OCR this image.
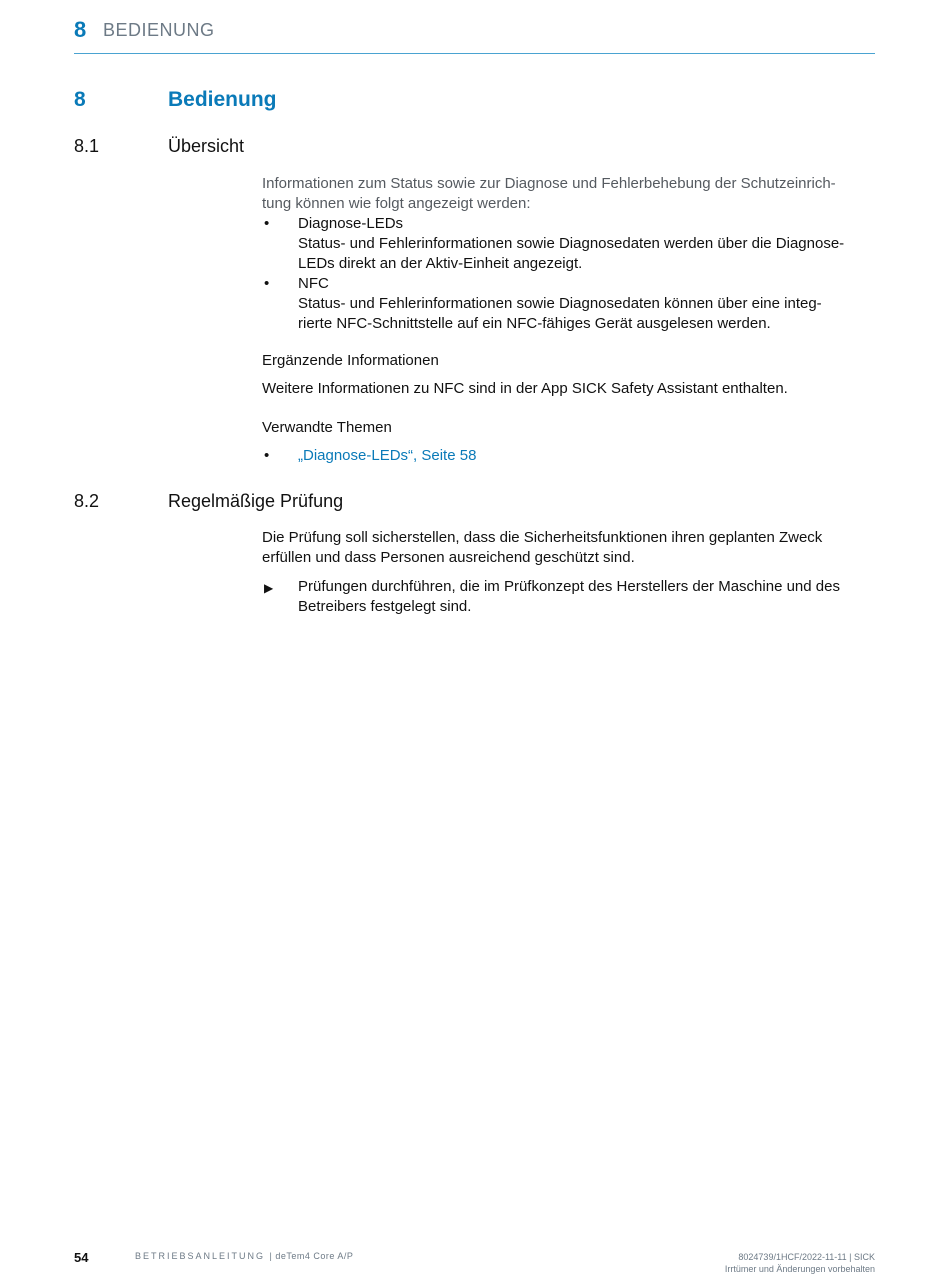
8 BEDIENUNG
8	Bedienung
8.1	Übersicht

Informationen zum Status sowie zur Diagnose und Fehlerbehebung der Schutzeinrich-
tung können wie folgt angezeigt werden:

•	Diagnose-LEDs
Status- und Fehlerinformationen sowie Diagnosedaten werden über die Diagnose-
LEDs direkt an der Aktiv-Einheit angezeigt.
•	NFC
Status- und Fehlerinformationen sowie Diagnosedaten können über eine integ-
rierte NFC-Schnittstelle auf ein NFC-fähiges Gerät ausgelesen werden.
Ergänzende Informationen
Weitere Informationen zu NFC sind in der App SICK Safety Assistant enthalten.
Verwandte Themen
•	„Diagnose-LEDs“, Seite 58
8.2	Regelmäßige Prüfung
Die Prüfung soll sicherstellen, dass die Sicherheitsfunktionen ihren geplanten Zweck
erfüllen und dass Personen ausreichend geschützt sind.
▶	Prüfungen durchführen, die im Prüfkonzept des Herstellers der Maschine und des
Betreibers festgelegt sind.
54	BETRIEBSANLEITUNG | deTem4 Core A/P	8024739/1HCF/2022-11-11 | SICK
Irrtümer und Änderungen vorbehalten
